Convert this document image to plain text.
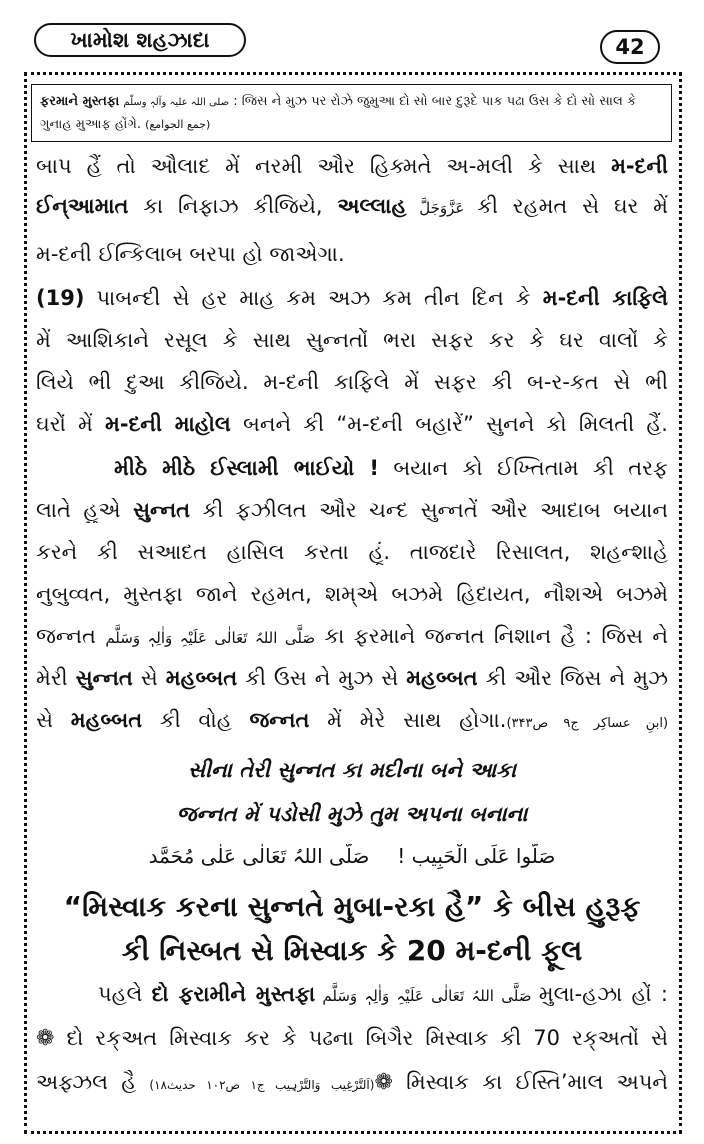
ખામોશ શહઝાદા	42
ફરમાને મુસ્તફા صلی اللہ علیہ وآلہٖ وسلّم : જિસ ને મુઝ પર રોઝે જુમુઆ દો સો બાર દુરૂદે પાક પઢા ઉસ કે દો સો સાલ કે ગુનાહ મુઆફ હોંગે. (جمع الجوامع)
બાપ હૈં તો ઔલાદ મેં નરમી ઔર હિક્મતે અ-મલી કે સાથ મ-દની
ઈન્આમાત કા નિફાઝ કીજિયે, અલ્લાહ عَزَّوَجَلَّ કી રહમત સે ઘર મેં
મ-દની ઈન્કિલાબ બરપા હો જાએગા.
(19) પાબન્દી સે હર માહ કમ અઝ કમ તીન દિન કે મ-દની કાફિલે
મેં આશિકાને રસૂલ કે સાથ સુન્નતોં ભરા સફર કર કે ઘર વાલોં કે
લિયે ભી દુઆ કીજિયે. મ-દની કાફિલે મેં સફર કી બ-ર-કત સે ભી
ઘરોં મેં મ-દની માહોલ બનને કી “મ-દની બહારેં” સુનને કો મિલતી હૈં.
મીઠે મીઠે ઈસ્લામી ભાઈયો ! બયાન કો ઈખ્તિતામ કી તરફ
લાતે હુએ સુન્નત કી ફઝીલત ઔર ચન્દ સુન્નતેં ઔર આદાબ બયાન
કરને કી સઆદત હાસિલ કરતા હૂં. તાજદારે રિસાલત, શહન્શાહે
નુબુવ્વત, મુસ્તફા જાને રહમત, શમ્એ બઝમે હિદાયત, નૌશએ બઝમે
જન્નત صَلَّی اللہُ تَعَالٰی عَلَیْہِ وَاٰلِہٖ وَسَلَّم કા ફરમાને જન્નત નિશાન હૈ : જિસ ને
મેરી સુન્નત સે મહબ્બત કી ઉસ ને મુઝ સે મહબ્બત કી ઔર જિસ ને મુઝ
સે મહબ્બત કી વોહ જન્નત મેં મેરે સાથ હોગા.(ابنِ عساکِر ج۹ ص۳۴۳)
સીના તેરી સુન્નત કા મદીના બને આકા
જન્નત મેં પડોસી મુઝે તુમ અપના બનાના
صَلُّوا عَلَی الْحَبِیب !    صَلَّی اللہُ تَعَالٰی عَلٰی مُحَمَّد
“મિસ્વાક કરના સુન્નતે મુબા-રકા હૈ” કે બીસ હુરૂફ
કી નિસ્બત સે મિસ્વાક કે 20 મ-દની ફૂલ
પહલે દો ફરામીને મુસ્તફા صَلَّی اللہُ تَعَالٰی عَلَیْہِ وَاٰلِہٖ وَسَلَّم મુલા-હઝા હોં :
❁ દો રક્અત મિસ્વાક કર કે પઢના બિગૈર મિસ્વાક કી 70 રક્અતોં સે
અફ્ઝલ હૈ (اَلتَّرْغِیب وَالتَّرْہِیب ج۱ ص۱۰۲ حدیث۱۸)❁ મિસ્વાક કા ઈસ્તિ’માલ અપને
